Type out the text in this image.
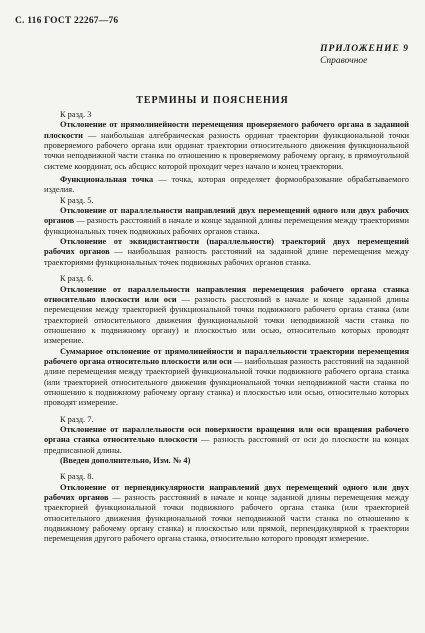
С. 116 ГОСТ 22267—76
ПРИЛОЖЕНИЕ 9
Справочное
ТЕРМИНЫ И ПОЯСНЕНИЯ

К разд. 3

Отклонение от прямолинейности перемещения проверяемого рабочего органа в заданной плоскости — наибольшая алгебраическая разность ординат траектории функциональной точки проверяемого рабочего органа или ординат траектории относительного движения функциональной точки неподвижной части станка по отношению к проверяемому рабочему органу, в прямоугольной системе координат, ось абсцисс которой проходит через начало и конец траектории.

Функциональная точка — точка, которая определяет формообразование обрабатываемого изделия.

К разд. 5.

Отклонение от параллельности направлений двух перемещений одного или двух рабочих органов — разность расстояний в начале и конце заданной длины перемещения между траекториями функциональных точек подвижных рабочих органов станка.

Отклонение от эквидистантности (параллельности) траекторий двух перемещений рабочих органов — наибольшая разность расстояний на заданной длине перемещения между траекториями функциональных точек подвижных рабочих органов станка.

К разд. 6.

Отклонение от параллельности направления перемещения рабочего органа станка относительно плоскости или оси — разность расстояний в начале и конце заданной длины перемещения между траекторией функциональной точки подвижного рабочего органа станка (или траекторией относительного движения функциональной точки неподвижной части станка по отношению к подвижному органу) и плоскостью или осью, относительно которых проводят измерение.

Суммарное отклонение от прямолинейности и параллельности траектории перемещения рабочего органа относительно плоскости или оси — наибольшая разность расстояний на заданной длине перемещения между траекторией функциональной точки подвижного рабочего органа станка (или траекторией относительного движения функциональной точки неподвижной части станка по отношению к подвижному рабочему органу станка) и плоскостью или осью, относительно которых проводят измерение.

К разд. 7.

Отклонение от параллельности оси поверхности вращения или оси вращения рабочего органа станка относительно плоскости — разность расстояний от оси до плоскости на концах предписанной длины.

(Введен дополнительно, Изм. № 4)

К разд. 8.

Отклонение от перпендикулярности направлений двух перемещений одного или двух рабочих органов — разность расстояний в начале и конце заданной длины перемещения между траекторией функциональной точки подвижного рабочего органа станка (или траекторией относительного движения функциональной точки неподвижной части станка по отношению к подвижному рабочему органу станка) и плоскостью или прямой, перпендикулярной к траектории перемещения другого рабочего органа станка, относительно которого проводят измерение.
